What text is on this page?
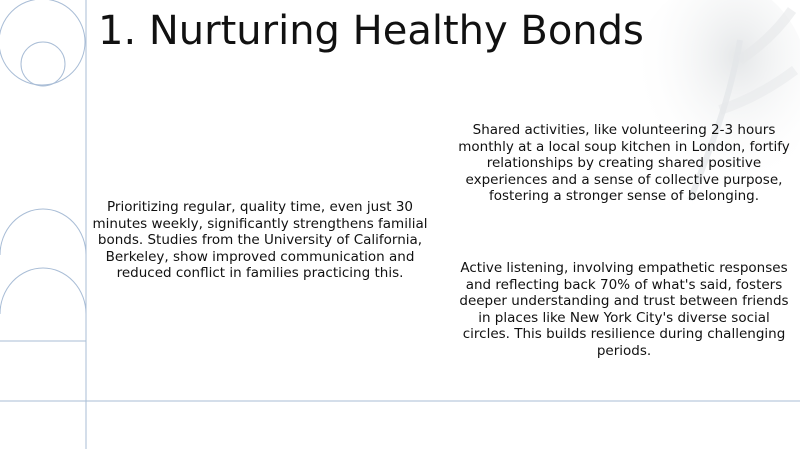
1. Nurturing Healthy Bonds
Prioritizing regular, quality time, even just 30 minutes weekly, significantly strengthens familial bonds. Studies from the University of California, Berkeley, show improved communication and reduced conflict in families practicing this.
Shared activities, like volunteering 2-3 hours monthly at a local soup kitchen in London, fortify relationships by creating shared positive experiences and a sense of collective purpose, fostering a stronger sense of belonging.
Active listening, involving empathetic responses and reflecting back 70% of what's said, fosters deeper understanding and trust between friends in places like New York City's diverse social circles. This builds resilience during challenging periods.
